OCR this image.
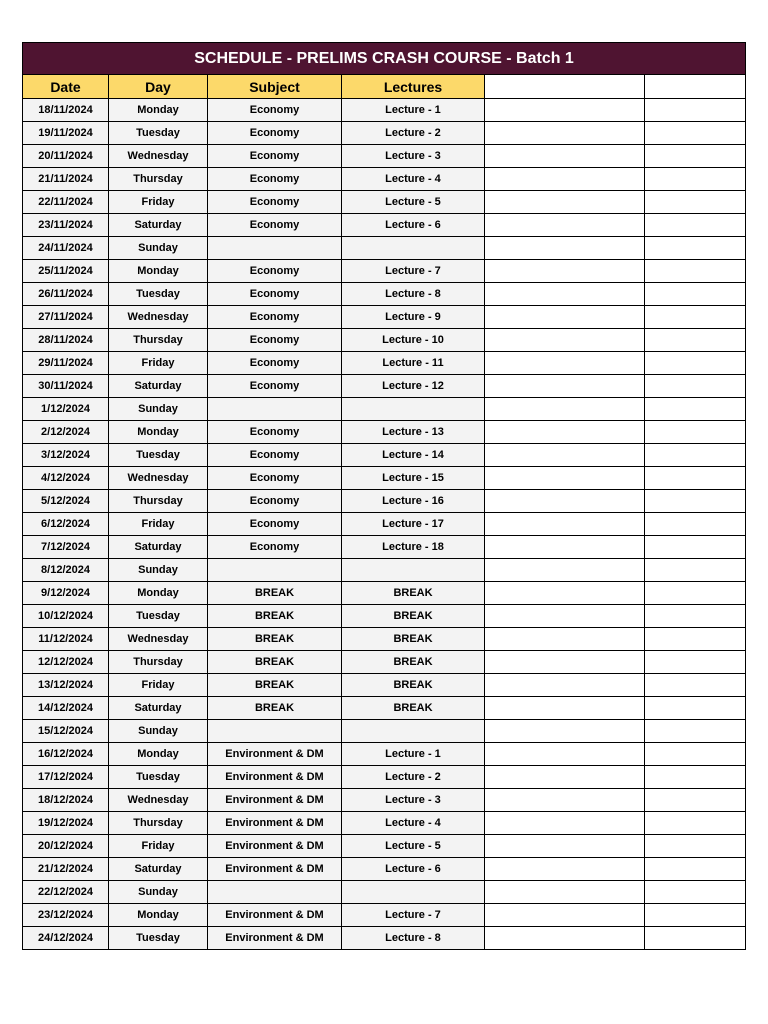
SCHEDULE - PRELIMS CRASH COURSE - Batch 1					
Date	Day	Subject	Lectures		
18/11/2024	Monday	Economy	Lecture - 1		
19/11/2024	Tuesday	Economy	Lecture - 2		
20/11/2024	Wednesday	Economy	Lecture - 3		
21/11/2024	Thursday	Economy	Lecture - 4		
22/11/2024	Friday	Economy	Lecture - 5		
23/11/2024	Saturday	Economy	Lecture - 6		
24/11/2024	Sunday				
25/11/2024	Monday	Economy	Lecture - 7		
26/11/2024	Tuesday	Economy	Lecture - 8		
27/11/2024	Wednesday	Economy	Lecture - 9		
28/11/2024	Thursday	Economy	Lecture - 10		
29/11/2024	Friday	Economy	Lecture - 11		
30/11/2024	Saturday	Economy	Lecture - 12		
1/12/2024	Sunday				
2/12/2024	Monday	Economy	Lecture - 13		
3/12/2024	Tuesday	Economy	Lecture - 14		
4/12/2024	Wednesday	Economy	Lecture - 15		
5/12/2024	Thursday	Economy	Lecture - 16		
6/12/2024	Friday	Economy	Lecture - 17		
7/12/2024	Saturday	Economy	Lecture - 18		
8/12/2024	Sunday				
9/12/2024	Monday	BREAK	BREAK		
10/12/2024	Tuesday	BREAK	BREAK		
11/12/2024	Wednesday	BREAK	BREAK		
12/12/2024	Thursday	BREAK	BREAK		
13/12/2024	Friday	BREAK	BREAK		
14/12/2024	Saturday	BREAK	BREAK		
15/12/2024	Sunday				
16/12/2024	Monday	Environment & DM	Lecture - 1		
17/12/2024	Tuesday	Environment & DM	Lecture - 2		
18/12/2024	Wednesday	Environment & DM	Lecture - 3		
19/12/2024	Thursday	Environment & DM	Lecture - 4		
20/12/2024	Friday	Environment & DM	Lecture - 5		
21/12/2024	Saturday	Environment & DM	Lecture - 6		
22/12/2024	Sunday				
23/12/2024	Monday	Environment & DM	Lecture - 7		
24/12/2024	Tuesday	Environment & DM	Lecture - 8		
